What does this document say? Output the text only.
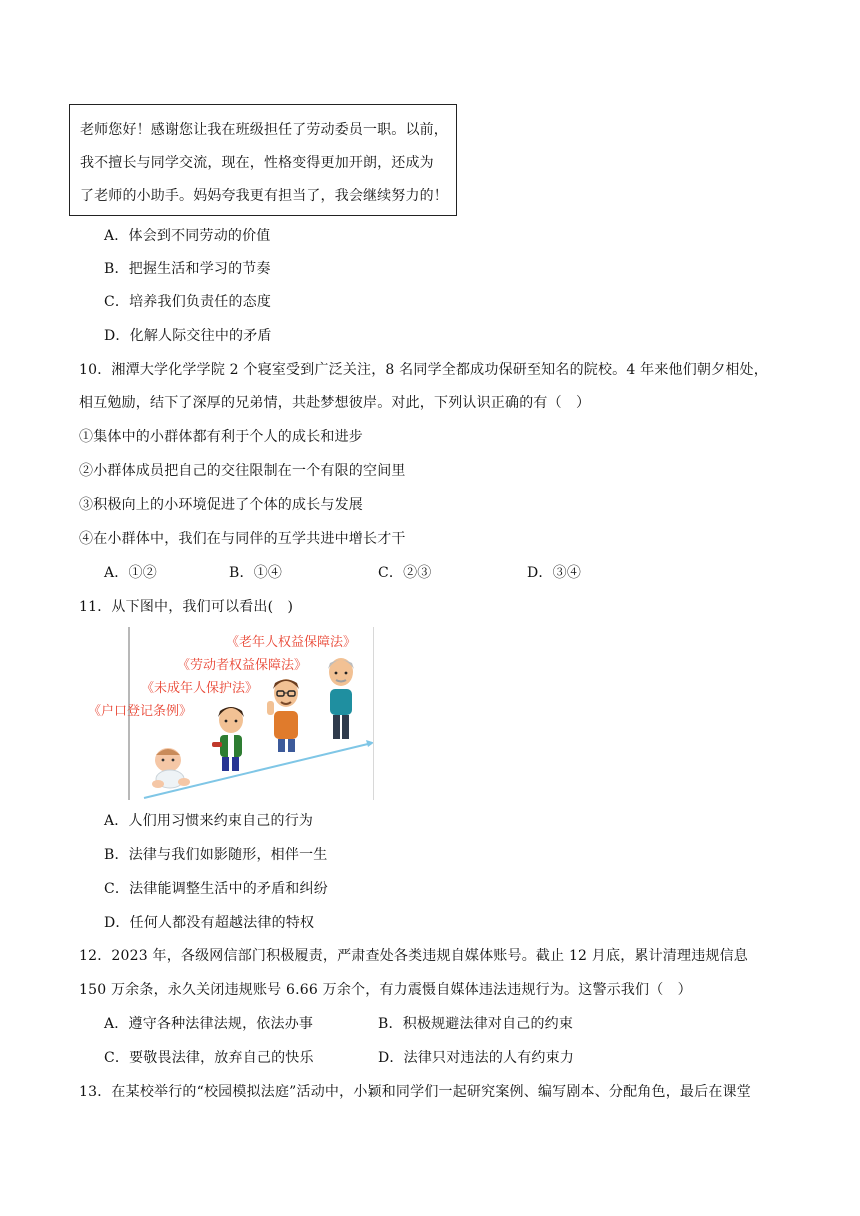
老师您好！感谢您让我在班级担任了劳动委员一职。以前，
我不擅长与同学交流，现在，性格变得更加开朗，还成为
了老师的小助手。妈妈夸我更有担当了，我会继续努力的！
A．体会到不同劳动的价值
B．把握生活和学习的节奏
C．培养我们负责任的态度
D．化解人际交往中的矛盾
10．湘潭大学化学学院 2 个寝室受到广泛关注，8 名同学全都成功保研至知名的院校。4 年来他们朝夕相处，
相互勉励，结下了深厚的兄弟情，共赴梦想彼岸。对此，下列认识正确的有（　）
①集体中的小群体都有利于个人的成长和进步
②小群体成员把自己的交往限制在一个有限的空间里
③积极向上的小环境促进了个体的成长与发展
④在小群体中，我们在与同伴的互学共进中增长才干
A．①②	B．①④	C．②③	D．③④
11．从下图中，我们可以看出(　)
《老年人权益保障法》
《劳动者权益保障法》
《未成年人保护法》
《户口登记条例》
A．人们用习惯来约束自己的行为
B．法律与我们如影随形，相伴一生
C．法律能调整生活中的矛盾和纠纷
D．任何人都没有超越法律的特权
12．2023 年，各级网信部门积极履责，严肃查处各类违规自媒体账号。截止 12 月底，累计清理违规信息
150 万余条，永久关闭违规账号 6.66 万余个，有力震慑自媒体违法违规行为。这警示我们（　）
A．遵守各种法律法规，依法办事	B．积极规避法律对自己的约束
C．要敬畏法律，放弃自己的快乐	D．法律只对违法的人有约束力
13．在某校举行的“校园模拟法庭”活动中，小颖和同学们一起研究案例、编写剧本、分配角色，最后在课堂
